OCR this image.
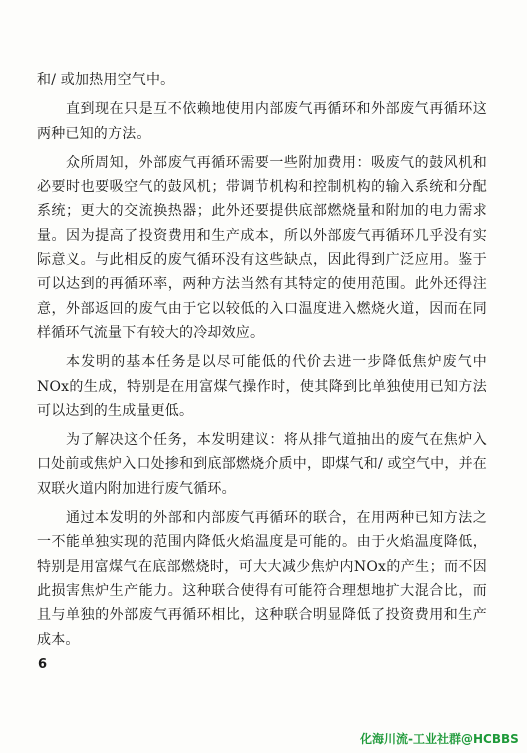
和/ 或加热用空气中。

直到现在只是互不依赖地使用内部废气再循环和外部废气再循环这两种已知的方法。

众所周知，外部废气再循环需要一些附加费用：吸废气的鼓风机和必要时也要吸空气的鼓风机；带调节机构和控制机构的输入系统和分配系统；更大的交流换热器；此外还要提供底部燃烧量和附加的电力需求量。因为提高了投资费用和生产成本，所以外部废气再循环几乎没有实际意义。与此相反的废气循环没有这些缺点，因此得到广泛应用。鉴于可以达到的再循环率，两种方法当然有其特定的使用范围。此外还得注意，外部返回的废气由于它以较低的入口温度进入燃烧火道，因而在同样循环气流量下有较大的冷却效应。

本发明的基本任务是以尽可能低的代价去进一步降低焦炉废气中NOx的生成，特别是在用富煤气操作时，使其降到比单独使用已知方法可以达到的生成量更低。

为了解决这个任务，本发明建议：将从排气道抽出的废气在焦炉入口处前或焦炉入口处掺和到底部燃烧介质中，即煤气和/ 或空气中，并在双联火道内附加进行废气循环。

通过本发明的外部和内部废气再循环的联合，在用两种已知方法之一不能单独实现的范围内降低火焰温度是可能的。由于火焰温度降低，特别是用富煤气在底部燃烧时，可大大减少焦炉内NOx的产生；而不因此损害焦炉生产能力。这种联合使得有可能符合理想地扩大混合比，而且与单独的外部废气再循环相比，这种联合明显降低了投资费用和生产成本。

6
化海川流-工业社群@HCBBS
